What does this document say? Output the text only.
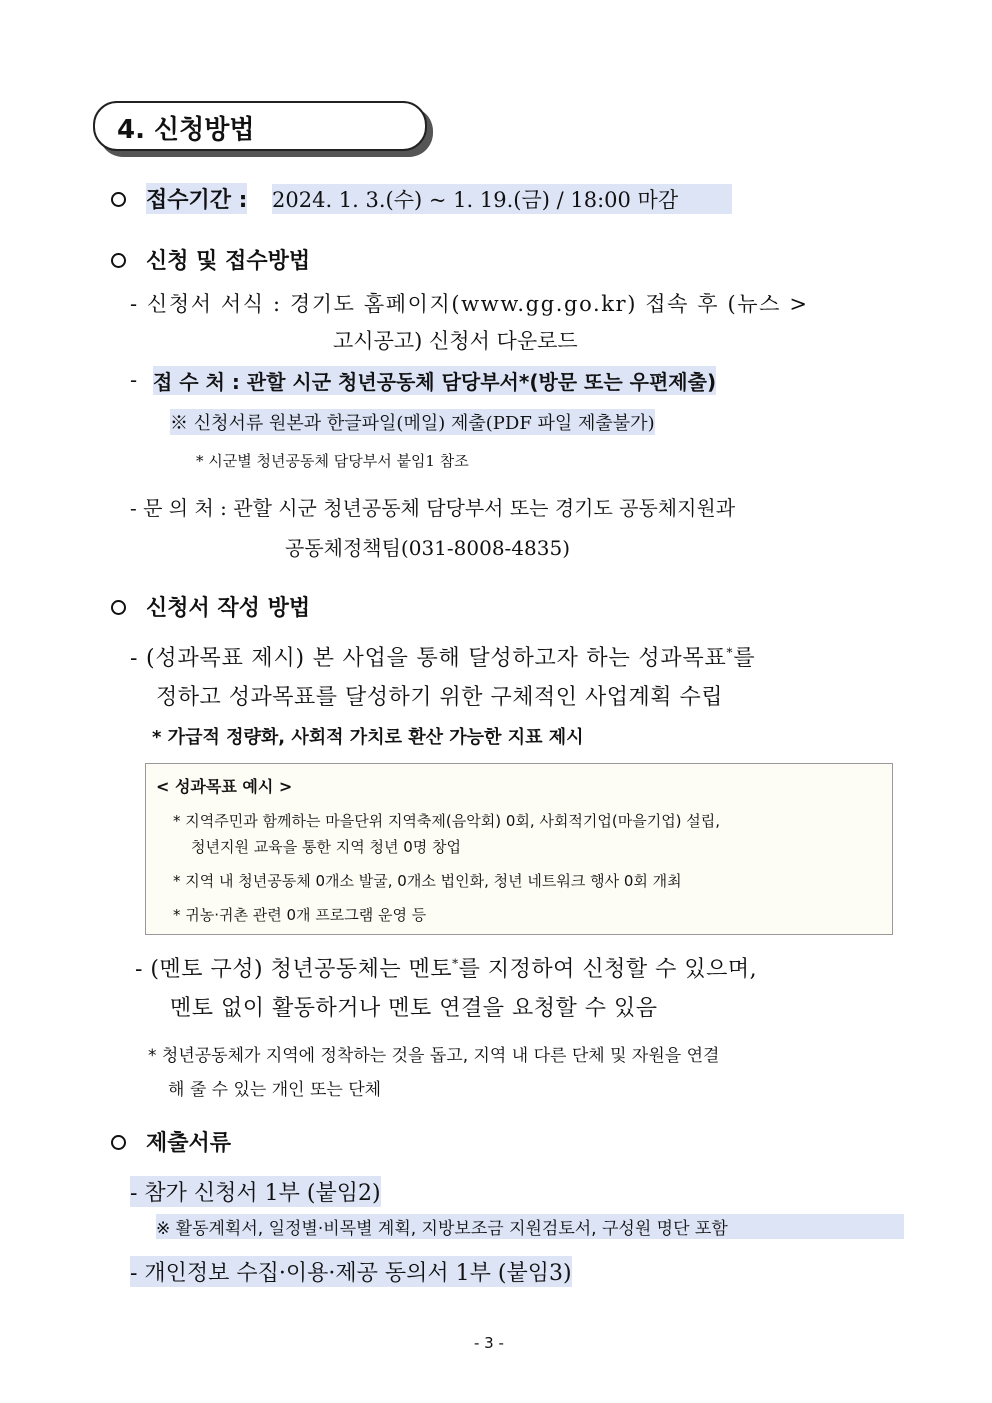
4. 신청방법
접수기간 : 2024. 1. 3.(수) ~ 1. 19.(금) / 18:00 마감
신청 및 접수방법
- 신청서 서식 : 경기도 홈페이지(www.gg.go.kr) 접속 후 (뉴스 >
고시공고) 신청서 다운로드
- 접 수 처 : 관할 시군 청년공동체 담당부서*(방문 또는 우편제출)
※ 신청서류 원본과 한글파일(메일) 제출(PDF 파일 제출불가)
* 시군별 청년공동체 담당부서 붙임1 참조
- 문 의 처 : 관할 시군 청년공동체 담당부서 또는 경기도 공동체지원과
공동체정책팀(031-8008-4835)
신청서 작성 방법
- (성과목표 제시) 본 사업을 통해 달성하고자 하는 성과목표*를
정하고 성과목표를 달성하기 위한 구체적인 사업계획 수립
* 가급적 정량화, 사회적 가치로 환산 가능한 지표 제시
< 성과목표 예시 >
* 지역주민과 함께하는 마을단위 지역축제(음악회) 0회, 사회적기업(마을기업) 설립,
청년지원 교육을 통한 지역 청년 0명 창업
* 지역 내 청년공동체 0개소 발굴, 0개소 법인화, 청년 네트워크 행사 0회 개최
* 귀농·귀촌 관련 0개 프로그램 운영 등
- (멘토 구성) 청년공동체는 멘토*를 지정하여 신청할 수 있으며,
멘토 없이 활동하거나 멘토 연결을 요청할 수 있음
* 청년공동체가 지역에 정착하는 것을 돕고, 지역 내 다른 단체 및 자원을 연결
해 줄 수 있는 개인 또는 단체
제출서류
- 참가 신청서 1부 (붙임2)
※ 활동계획서, 일정별·비목별 계획, 지방보조금 지원검토서, 구성원 명단 포함
- 개인정보 수집·이용·제공 동의서 1부 (붙임3)
- 3 -
